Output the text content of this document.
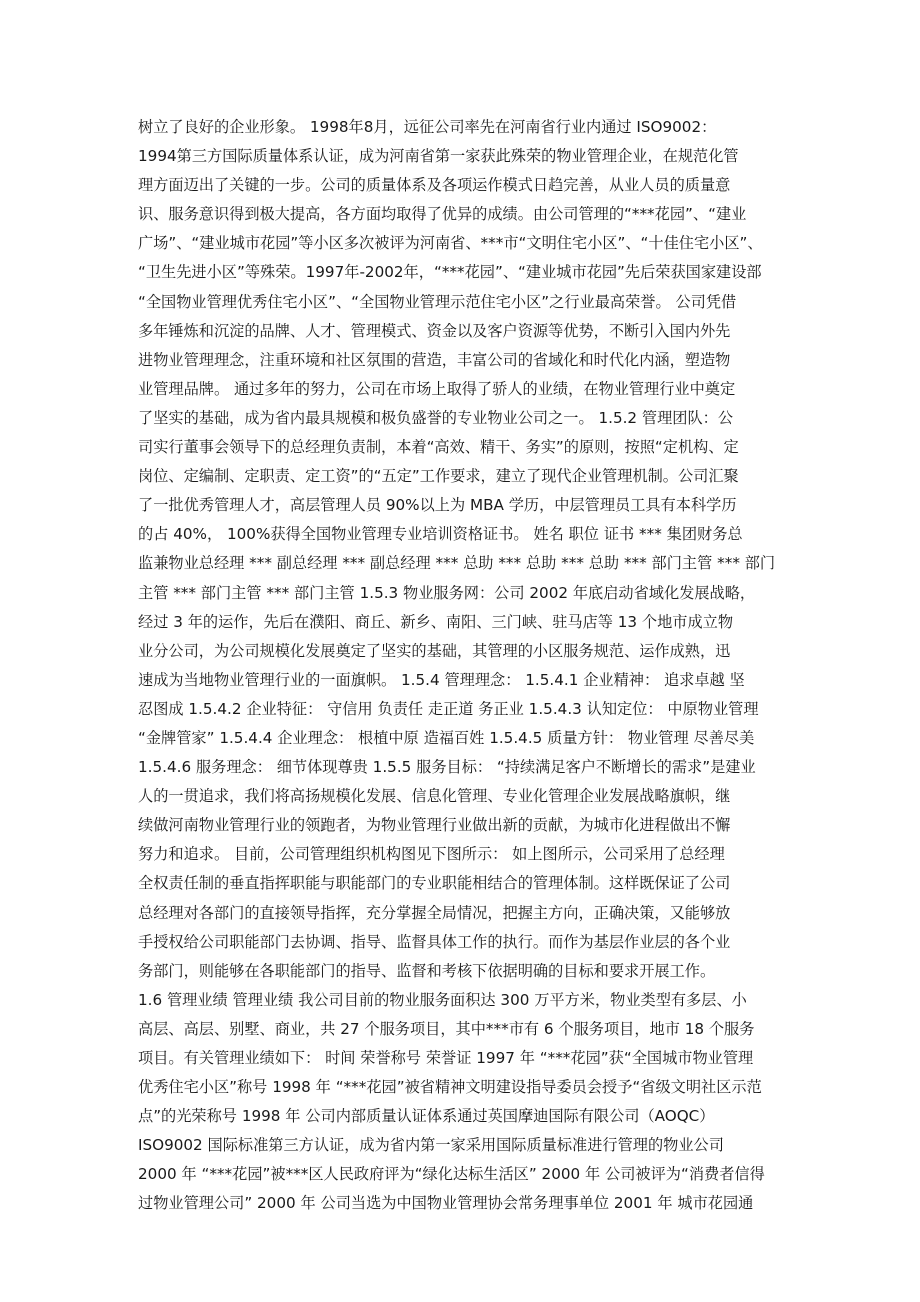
树立了良好的企业形象。 1998年8月，远征公司率先在河南省行业内通过 ISO9002：
1994第三方国际质量体系认证，成为河南省第一家获此殊荣的物业管理企业，在规范化管
理方面迈出了关键的一步。公司的质量体系及各项运作模式日趋完善，从业人员的质量意
识、服务意识得到极大提高，各方面均取得了优异的成绩。由公司管理的“***花园”、“建业
广场”、“建业城市花园”等小区多次被评为河南省、***市“文明住宅小区”、“十佳住宅小区”、
“卫生先进小区”等殊荣。1997年-2002年，“***花园”、“建业城市花园”先后荣获国家建设部
“全国物业管理优秀住宅小区”、“全国物业管理示范住宅小区”之行业最高荣誉。 公司凭借
多年锤炼和沉淀的品牌、人才、管理模式、资金以及客户资源等优势，不断引入国内外先
进物业管理理念，注重环境和社区氛围的营造，丰富公司的省域化和时代化内涵，塑造物
业管理品牌。 通过多年的努力，公司在市场上取得了骄人的业绩，在物业管理行业中奠定
了坚实的基础，成为省内最具规模和极负盛誉的专业物业公司之一。 1.5.2 管理团队：公
司实行董事会领导下的总经理负责制，本着“高效、精干、务实”的原则，按照“定机构、定
岗位、定编制、定职责、定工资”的“五定”工作要求，建立了现代企业管理机制。公司汇聚
了一批优秀管理人才，高层管理人员 90%以上为 MBA 学历，中层管理员工具有本科学历
的占 40%， 100%获得全国物业管理专业培训资格证书。 姓名 职位 证书 *** 集团财务总
监兼物业总经理 *** 副总经理 *** 副总经理 *** 总助 *** 总助 *** 总助 *** 部门主管 *** 部门
主管 *** 部门主管 *** 部门主管 1.5.3 物业服务网：公司 2002 年底启动省域化发展战略，
经过 3 年的运作，先后在濮阳、商丘、新乡、南阳、三门峡、驻马店等 13 个地市成立物
业分公司，为公司规模化发展奠定了坚实的基础，其管理的小区服务规范、运作成熟，迅
速成为当地物业管理行业的一面旗帜。 1.5.4 管理理念： 1.5.4.1 企业精神： 追求卓越 坚
忍图成 1.5.4.2 企业特征： 守信用 负责任 走正道 务正业 1.5.4.3 认知定位： 中原物业管理
“金牌管家” 1.5.4.4 企业理念： 根植中原 造福百姓 1.5.4.5 质量方针： 物业管理 尽善尽美
1.5.4.6 服务理念： 细节体现尊贵 1.5.5 服务目标： “持续满足客户不断增长的需求”是建业
人的一贯追求，我们将高扬规模化发展、信息化管理、专业化管理企业发展战略旗帜，继
续做河南物业管理行业的领跑者，为物业管理行业做出新的贡献，为城市化进程做出不懈
努力和追求。 目前，公司管理组织机构图见下图所示： 如上图所示，公司采用了总经理
全权责任制的垂直指挥职能与职能部门的专业职能相结合的管理体制。这样既保证了公司
总经理对各部门的直接领导指挥，充分掌握全局情况，把握主方向，正确决策，又能够放
手授权给公司职能部门去协调、指导、监督具体工作的执行。而作为基层作业层的各个业
务部门，则能够在各职能部门的指导、监督和考核下依据明确的目标和要求开展工作。
1.6 管理业绩 管理业绩 我公司目前的物业服务面积达 300 万平方米，物业类型有多层、小
高层、高层、别墅、商业，共 27 个服务项目，其中***市有 6 个服务项目，地市 18 个服务
项目。有关管理业绩如下： 时间 荣誉称号 荣誉证 1997 年 “***花园”获“全国城市物业管理
优秀住宅小区”称号 1998 年 “***花园”被省精神文明建设指导委员会授予“省级文明社区示范
点”的光荣称号 1998 年 公司内部质量认证体系通过英国摩迪国际有限公司（AOQC）
ISO9002 国际标准第三方认证，成为省内第一家采用国际质量标准进行管理的物业公司
2000 年 “***花园”被***区人民政府评为“绿化达标生活区” 2000 年 公司被评为“消费者信得
过物业管理公司” 2000 年 公司当选为中国物业管理协会常务理事单位 2001 年 城市花园通
